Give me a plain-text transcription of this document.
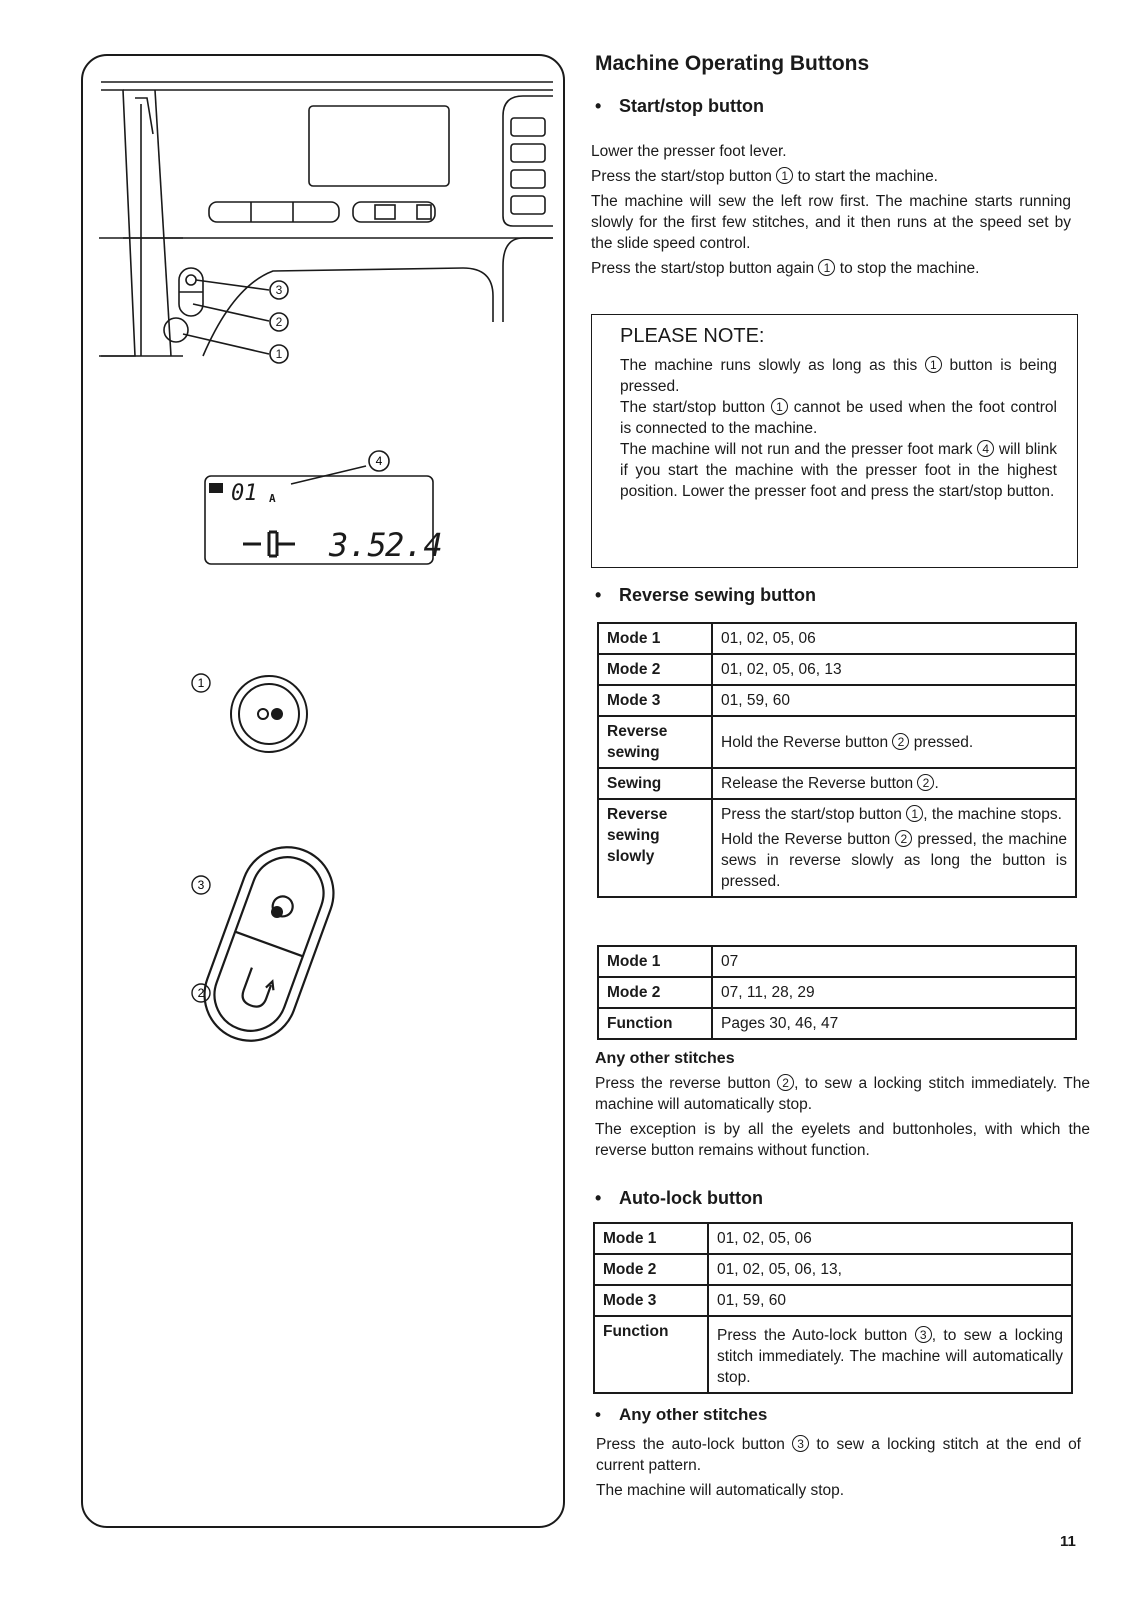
3
2
1
01 A
3.5
2.4
4
1
3
2
Machine Operating Buttons
• Start/stop button
Lower the presser foot lever.
Press the start/stop button 1 to start the machine.
The machine will sew the left row first. The machine starts running slowly for the first few stitches, and it then runs at the speed set by the slide speed control.
Press the start/stop button again 1 to stop the machine.
PLEASE NOTE:
The machine runs slowly as long as this 1 button is being pressed.
The start/stop button 1 cannot be used when the foot control is connected to the machine.
The machine will not run and the presser foot mark 4 will blink if you start the machine with the presser foot in the highest position. Lower the presser foot and press the start/stop button.
• Reverse sewing button
Mode 1	01, 02, 05, 06
Mode 2	01, 02, 05, 06, 13
Mode 3	01, 59, 60
Reverse sewing	Hold the Reverse button 2 pressed.
Sewing	Release the Reverse button 2 .
Reverse sewing slowly	Press the start/stop button 1 , the machine stops.
Hold the Reverse button 2 pressed, the machine sews in reverse slowly as long the button is pressed.
Mode 1	07
Mode 2	07, 11, 28, 29
Function	Pages 30, 46, 47
Any other stitches
Press the reverse button 2 , to sew a locking stitch immediately. The machine will automatically stop.
The exception is by all the eyelets and buttonholes, with which the reverse button remains without function.
• Auto-lock button
Mode 1	01, 02, 05, 06
Mode 2	01, 02, 05, 06, 13,
Mode 3	01, 59, 60
Function	Press the Auto-lock button 3 , to sew a locking stitch immediately. The machine will automatically stop.
• Any other stitches
Press the auto-lock button 3 to sew a locking stitch at the end of current pattern.
The machine will automatically stop.
11
